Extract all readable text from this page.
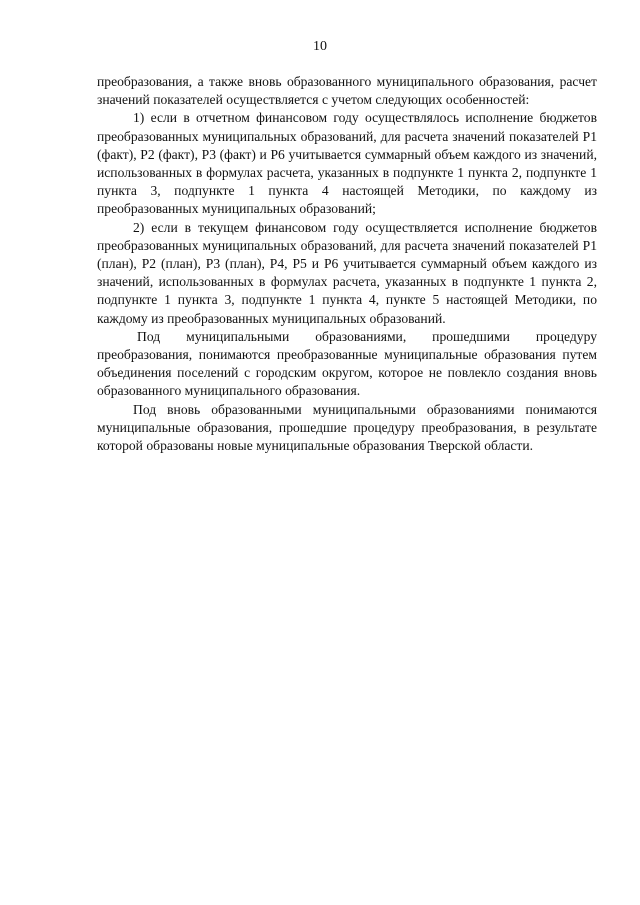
10

преобразования, а также вновь образованного муниципального образования, расчет значений показателей осуществляется с учетом следующих особенностей:

1) если в отчетном финансовом году осуществлялось исполнение бюджетов преобразованных муниципальных образований, для расчета значений показателей Р1 (факт), Р2 (факт), Р3 (факт) и Р6 учитывается суммарный объем каждого из значений, использованных в формулах расчета, указанных в подпункте 1 пункта 2, подпункте 1 пункта 3, подпункте 1 пункта 4 настоящей Методики, по каждому из преобразованных муниципальных образований;

2) если в текущем финансовом году осуществляется исполнение бюджетов преобразованных муниципальных образований, для расчета значений показателей Р1 (план), Р2 (план), Р3 (план), Р4, Р5 и Р6 учитывается суммарный объем каждого из значений, использованных в формулах расчета, указанных в подпункте 1 пункта 2, подпункте 1 пункта 3, подпункте 1 пункта 4, пункте 5 настоящей Методики, по каждому из преобразованных муниципальных образований.

Под муниципальными образованиями, прошедшими процедуру преобразования, понимаются преобразованные муниципальные образования путем объединения поселений с городским округом, которое не повлекло создания вновь образованного муниципального образования.

Под вновь образованными муниципальными образованиями понимаются муниципальные образования, прошедшие процедуру преобразования, в результате которой образованы новые муниципальные образования Тверской области.
